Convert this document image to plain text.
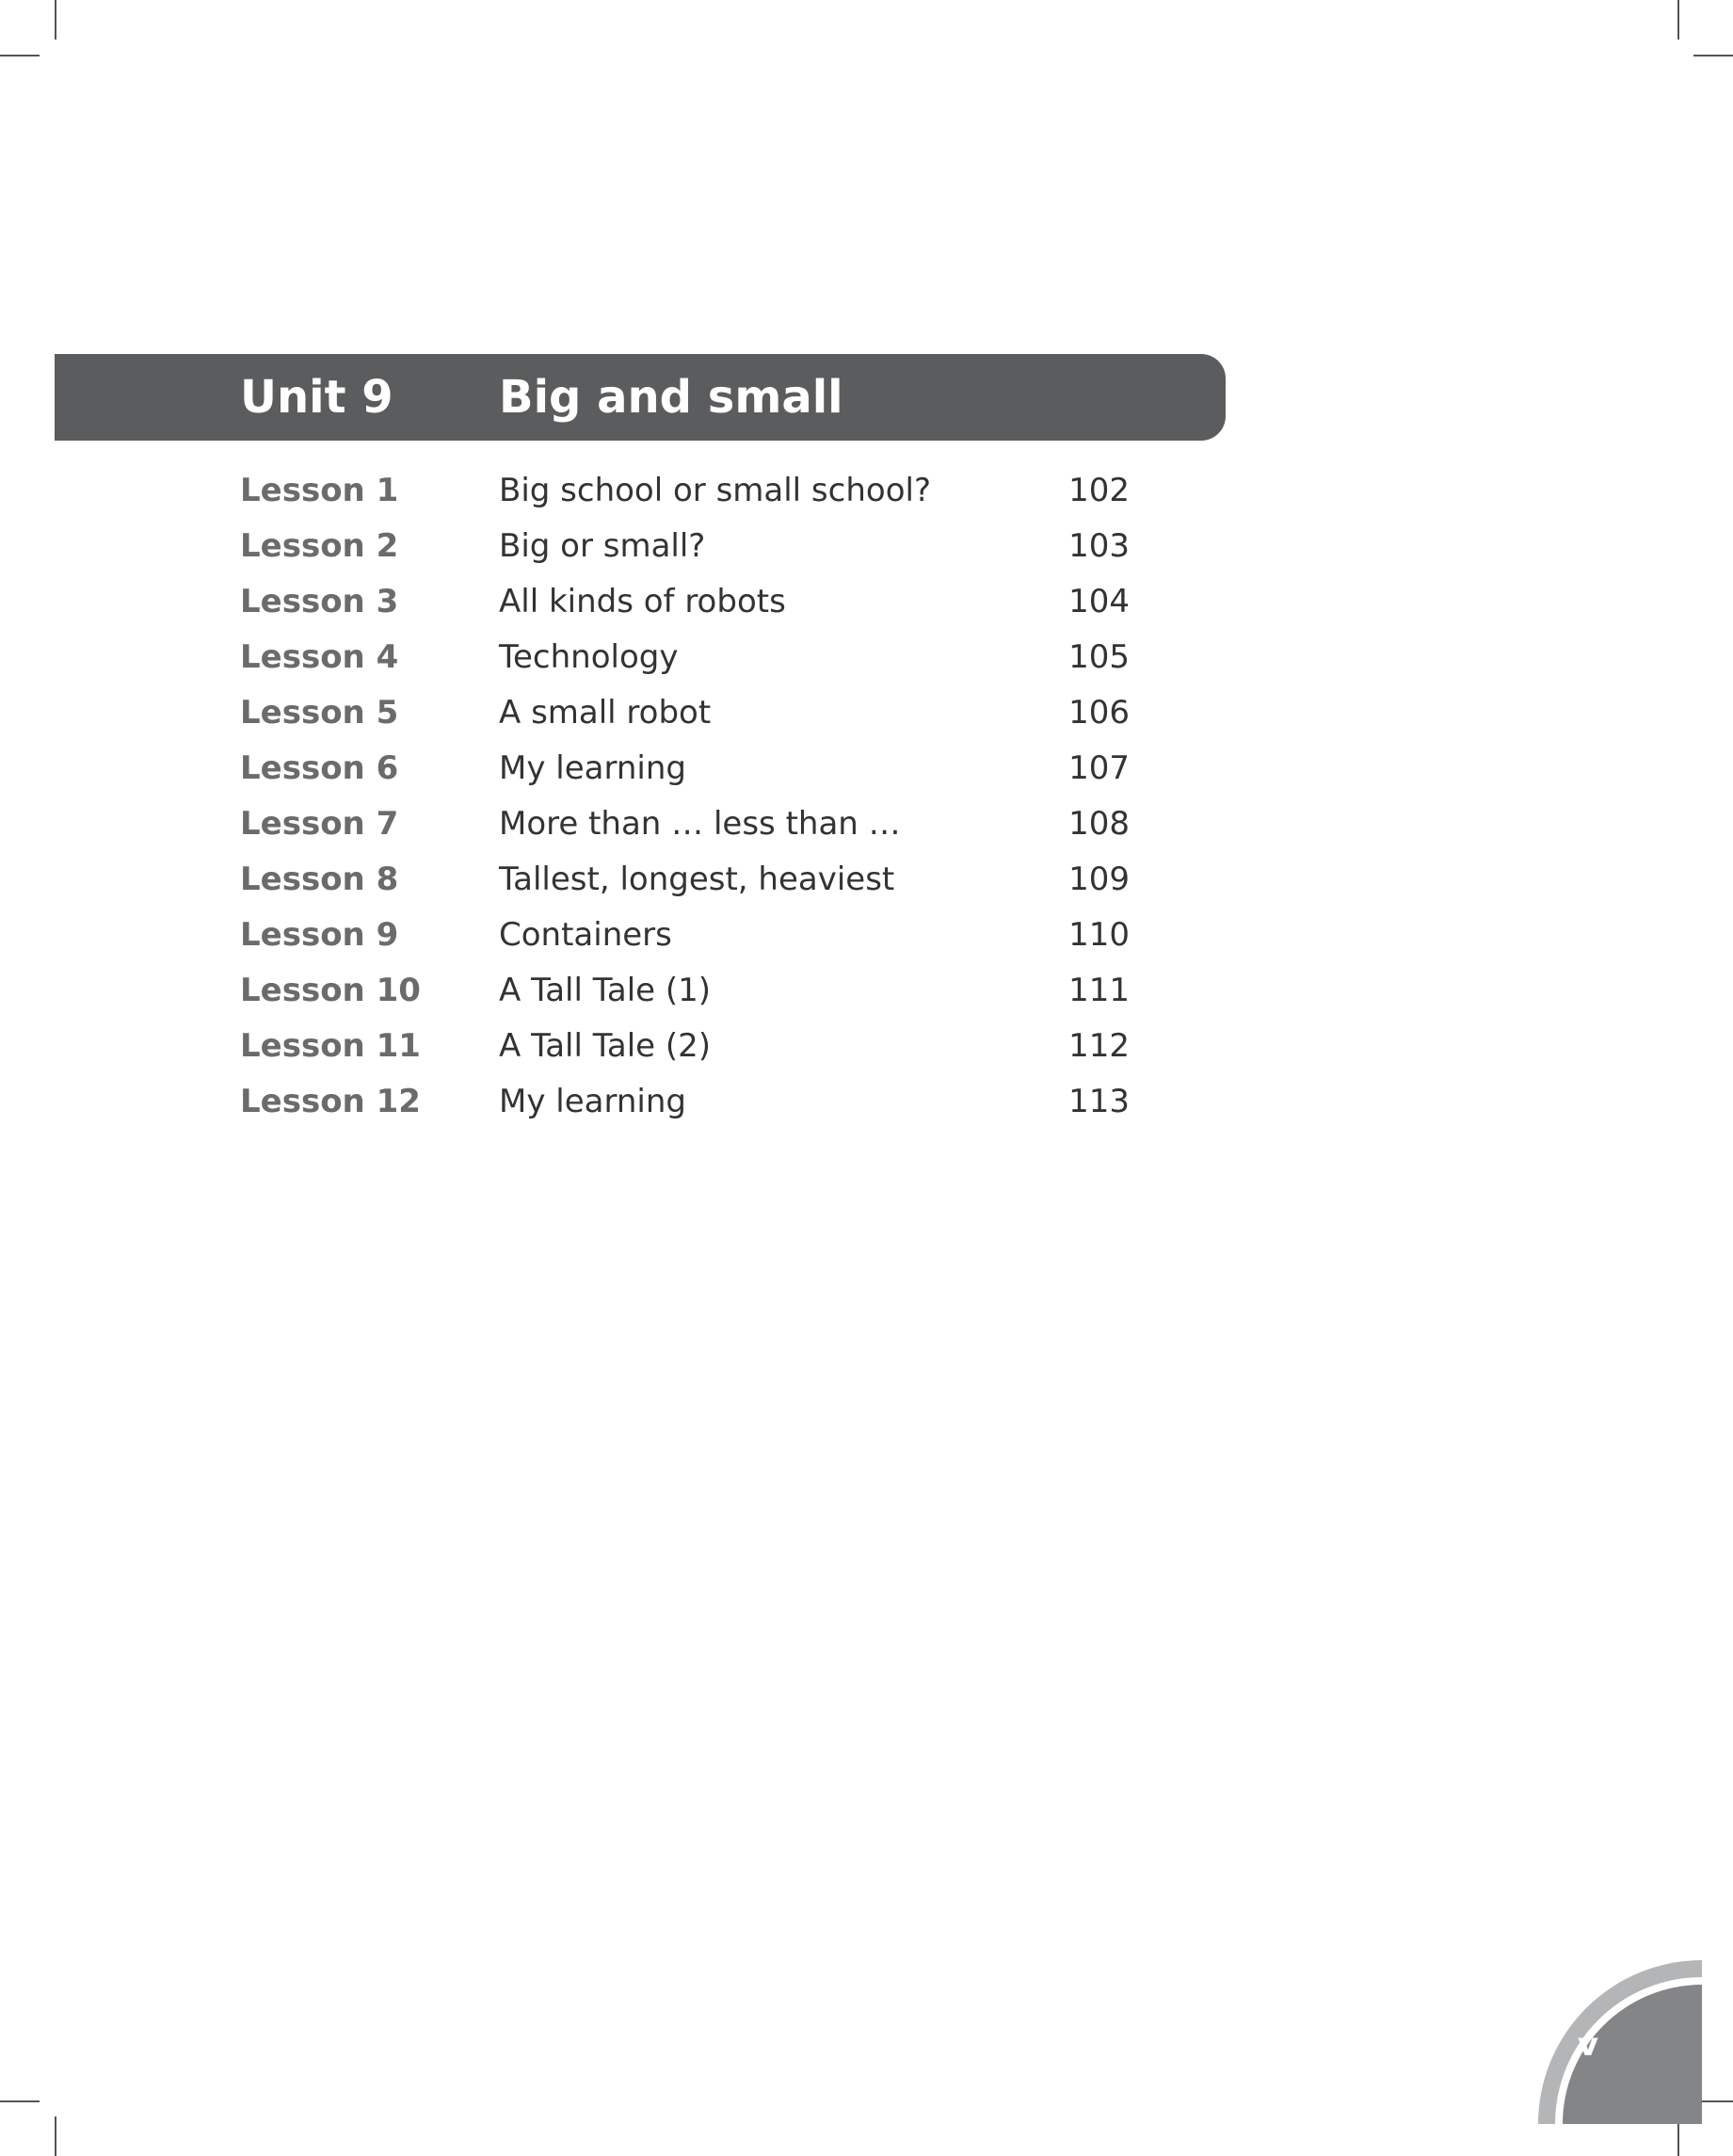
Unit 9 Big and small
Lesson 1	Big school or small school?	102
Lesson 2	Big or small?	103
Lesson 3	All kinds of robots	104
Lesson 4	Technology	105
Lesson 5	A small robot	106
Lesson 6	My learning	107
Lesson 7	More than … less than …	108
Lesson 8	Tallest, longest, heaviest	109
Lesson 9	Containers	110
Lesson 10 A Tall Tale (1)	111
Lesson 11 A Tall Tale (2)	112
Lesson 12 My learning	113
v
